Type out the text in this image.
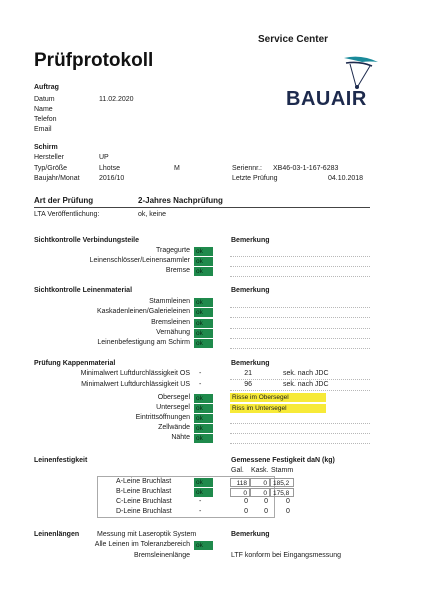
Service Center
Prüfprotokoll
BAUAIR
Auftrag
Datum	11.02.2020
Name
Telefon
Email
Schirm
Hersteller	UP
Typ/Größe	Lhotse	M	Seriennr.: XB46-03-1-167-6283
Baujahr/Monat	2016/10	Letzte Prüfung	04.10.2018
Art der Prüfung	2-Jahres Nachprüfung
LTA Veröffentlichung:	ok, keine
Sichtkontrolle Verbindungsteile	Bemerkung
Tragegurte ok
Leinenschlösser/Leinensammler ok
Bremse ok
Sichtkontrolle Leinenmaterial	Bemerkung
Stammleinen ok
Kaskadenleinen/Galerieleinen ok
Bremsleinen ok
Vernähung ok
Leinenbefestigung am Schirm ok
Prüfung Kappenmaterial	Bemerkung
Minimalwert Luftdurchlässigkeit OS -	21	sek. nach JDC
Minimalwert Luftdurchlässigkeit US -	96	sek. nach JDC
Obersegel ok	Risse im Obersegel
Untersegel ok	Riss im Untersegel
Eintrittsöffnungen ok
Zellwände ok
Nähte ok
Leinenfestigkeit	Gemessene Festigkeit daN (kg)
Gal. Kask. Stamm
A-Leine Bruchlast	ok	118	0 185,2
B-Leine Bruchlast	ok	0	0 175,8
C-Leine Bruchlast	-	0	0	0
D-Leine Bruchlast	-	0	0	0
Leinenlängen	Messung mit Laseroptik System	Bemerkung
Alle Leinen im Toleranzbereich ok
Bremsleinenlänge	LTF konform bei Eingangsmessung
